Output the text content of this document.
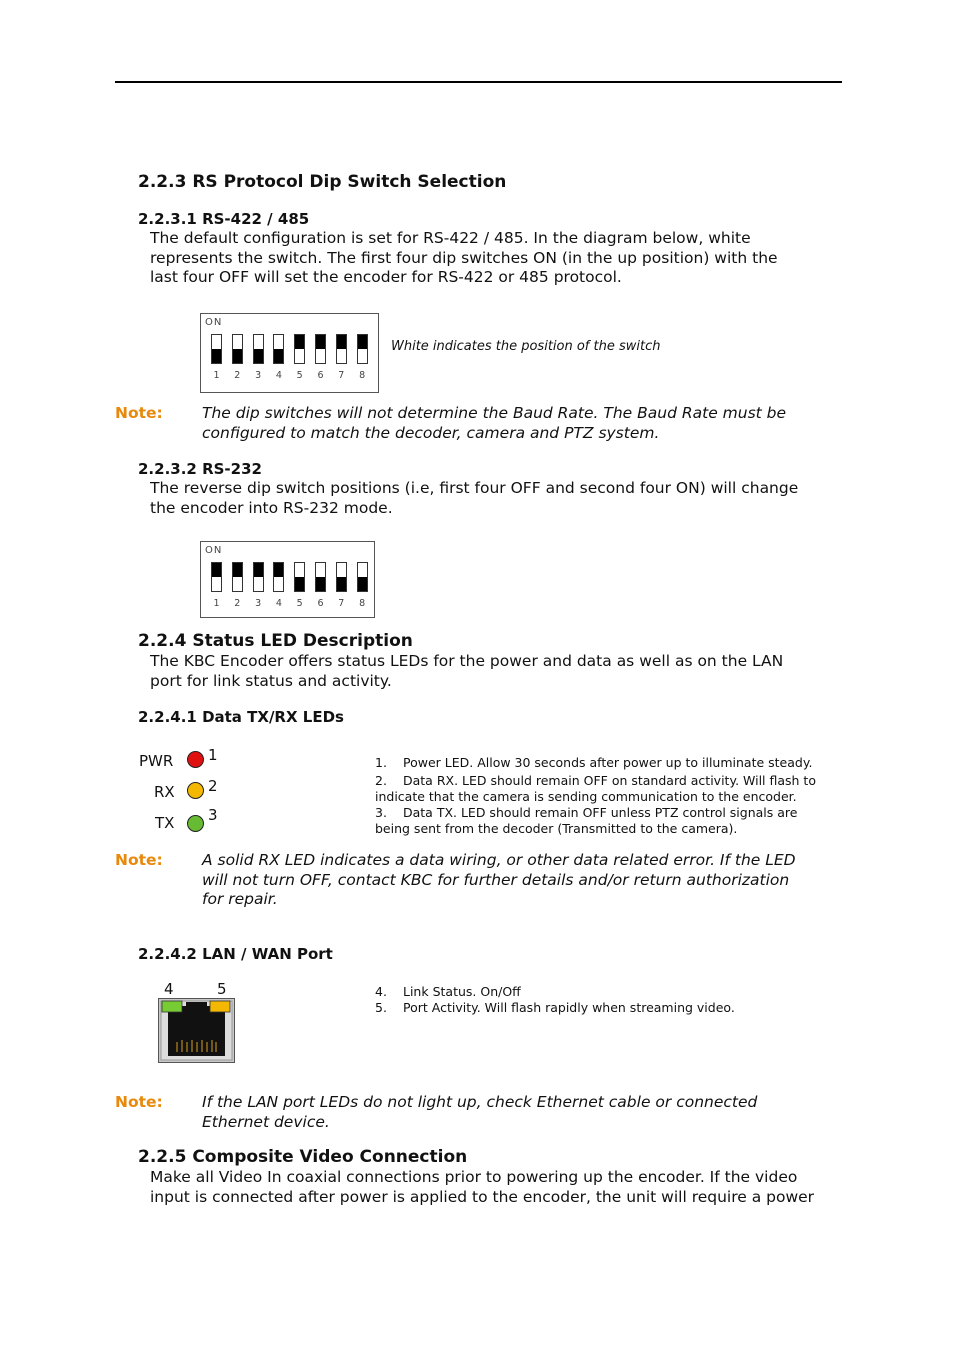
2.2.3 RS Protocol Dip Switch Selection
2.2.3.1 RS-422 / 485
The default configuration is set for RS-422 / 485. In the diagram below, white
represents the switch. The first four dip switches ON (in the up position) with the
last four OFF will set the encoder for RS-422 or 485 protocol.
ON
1 2 3 4 5 6 7 8
White indicates the position of the switch
Note:	The dip switches will not determine the Baud Rate. The Baud Rate must be
configured to match the decoder, camera and PTZ system.
2.2.3.2 RS-232
The reverse dip switch positions (i.e, first four OFF and second four ON) will change
the encoder into RS-232 mode.
ON
1 2 3 4 5 6 7 8
2.2.4 Status LED Description
The KBC Encoder offers status LEDs for the power and data as well as on the LAN
port for link status and activity.
2.2.4.1 Data TX/RX LEDs
PWR 1
RX 2
TX 3
1. Power LED. Allow 30 seconds after power up to illuminate steady.
2. Data RX. LED should remain OFF on standard activity. Will flash to
indicate that the camera is sending communication to the encoder.
3. Data TX. LED should remain OFF unless PTZ control signals are
being sent from the decoder (Transmitted to the camera).
Note:	A solid RX LED indicates a data wiring, or other data related error. If the LED
will not turn OFF, contact KBC for further details and/or return authorization
for repair.
2.2.4.2 LAN / WAN Port
4	5	4. Link Status. On/Off
5. Port Activity. Will flash rapidly when streaming video.
Note:	If the LAN port LEDs do not light up, check Ethernet cable or connected
Ethernet device.
2.2.5 Composite Video Connection
Make all Video In coaxial connections prior to powering up the encoder. If the video
input is connected after power is applied to the encoder, the unit will require a power
